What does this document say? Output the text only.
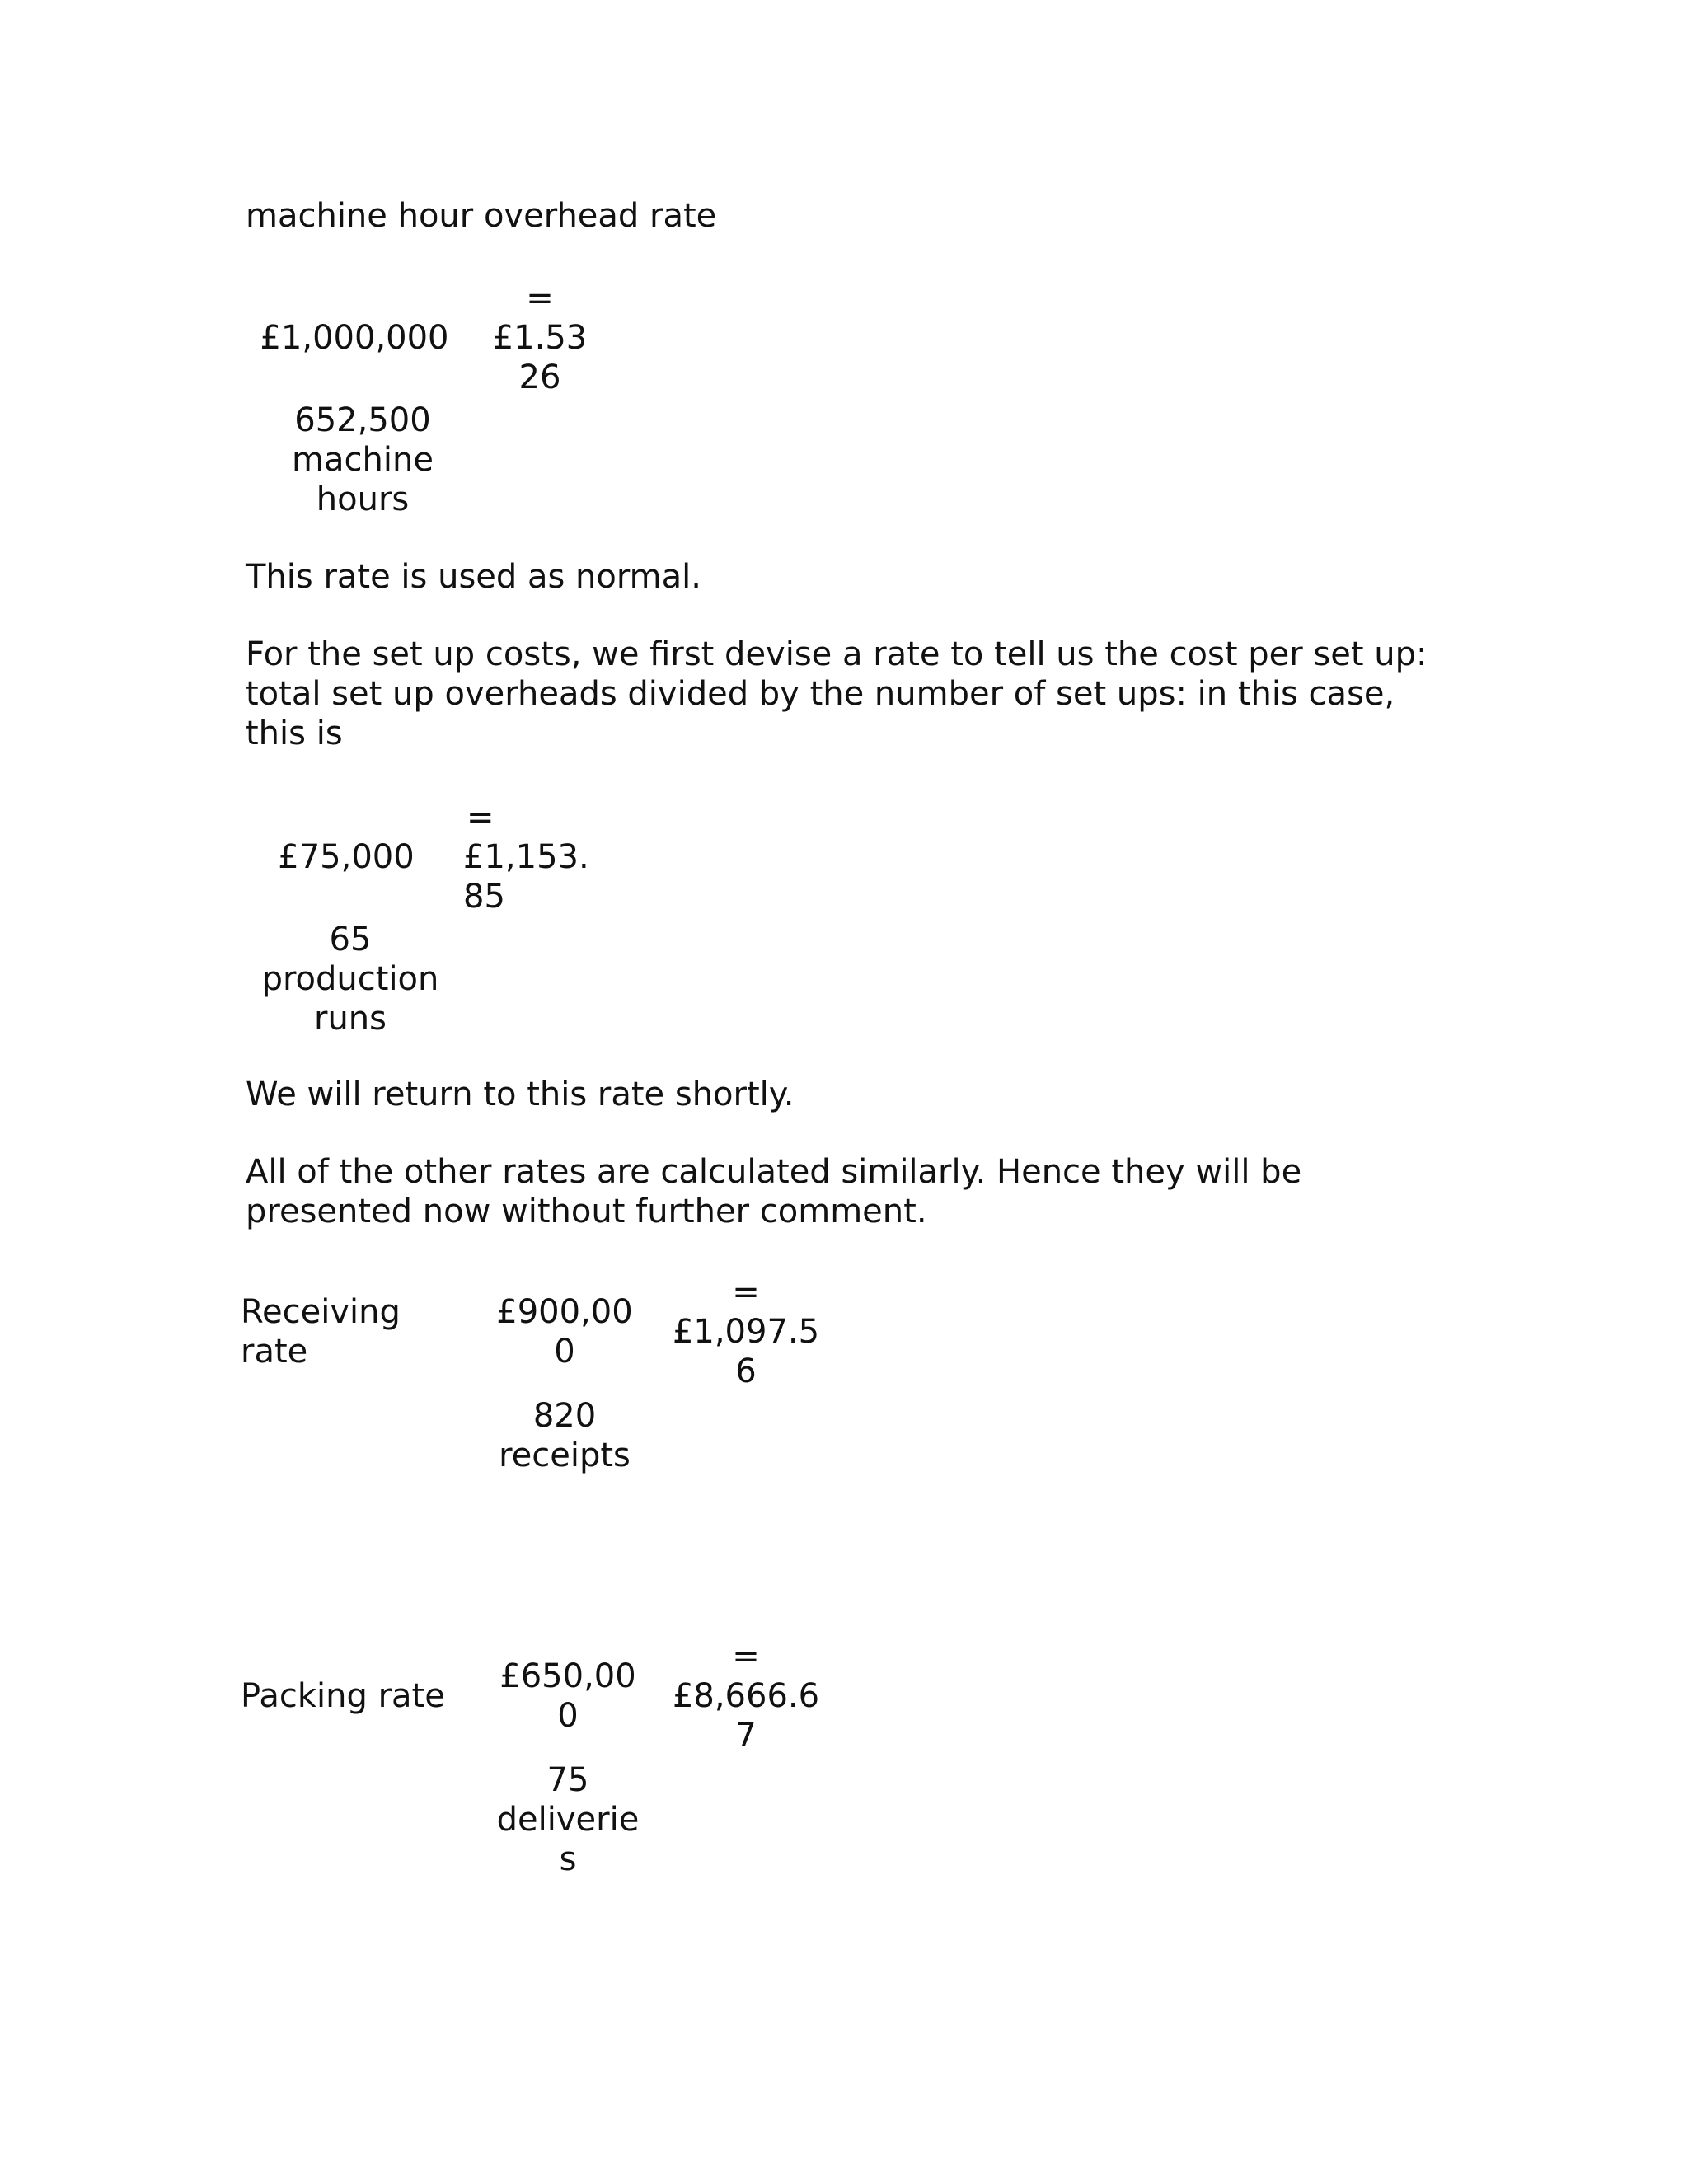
machine hour overhead rate

=

£1,000,000	£1.53

26

652,500

machine

hours

This rate is used as normal.

For the set up costs, we first devise a rate to tell us the cost per set up: total set up overheads divided by the number of set ups: in this case, this is

=

£75,000	£1,153.

85

65

production

runs

We will return to this rate shortly.

All of the other rates are calculated similarly. Hence they will be presented now without further comment.

Receiving

rate

£900,00

0

=

£1,097.5

6

820

receipts

Packing rate

£650,00

0

=

£8,666.6

7

75

deliverie

s
